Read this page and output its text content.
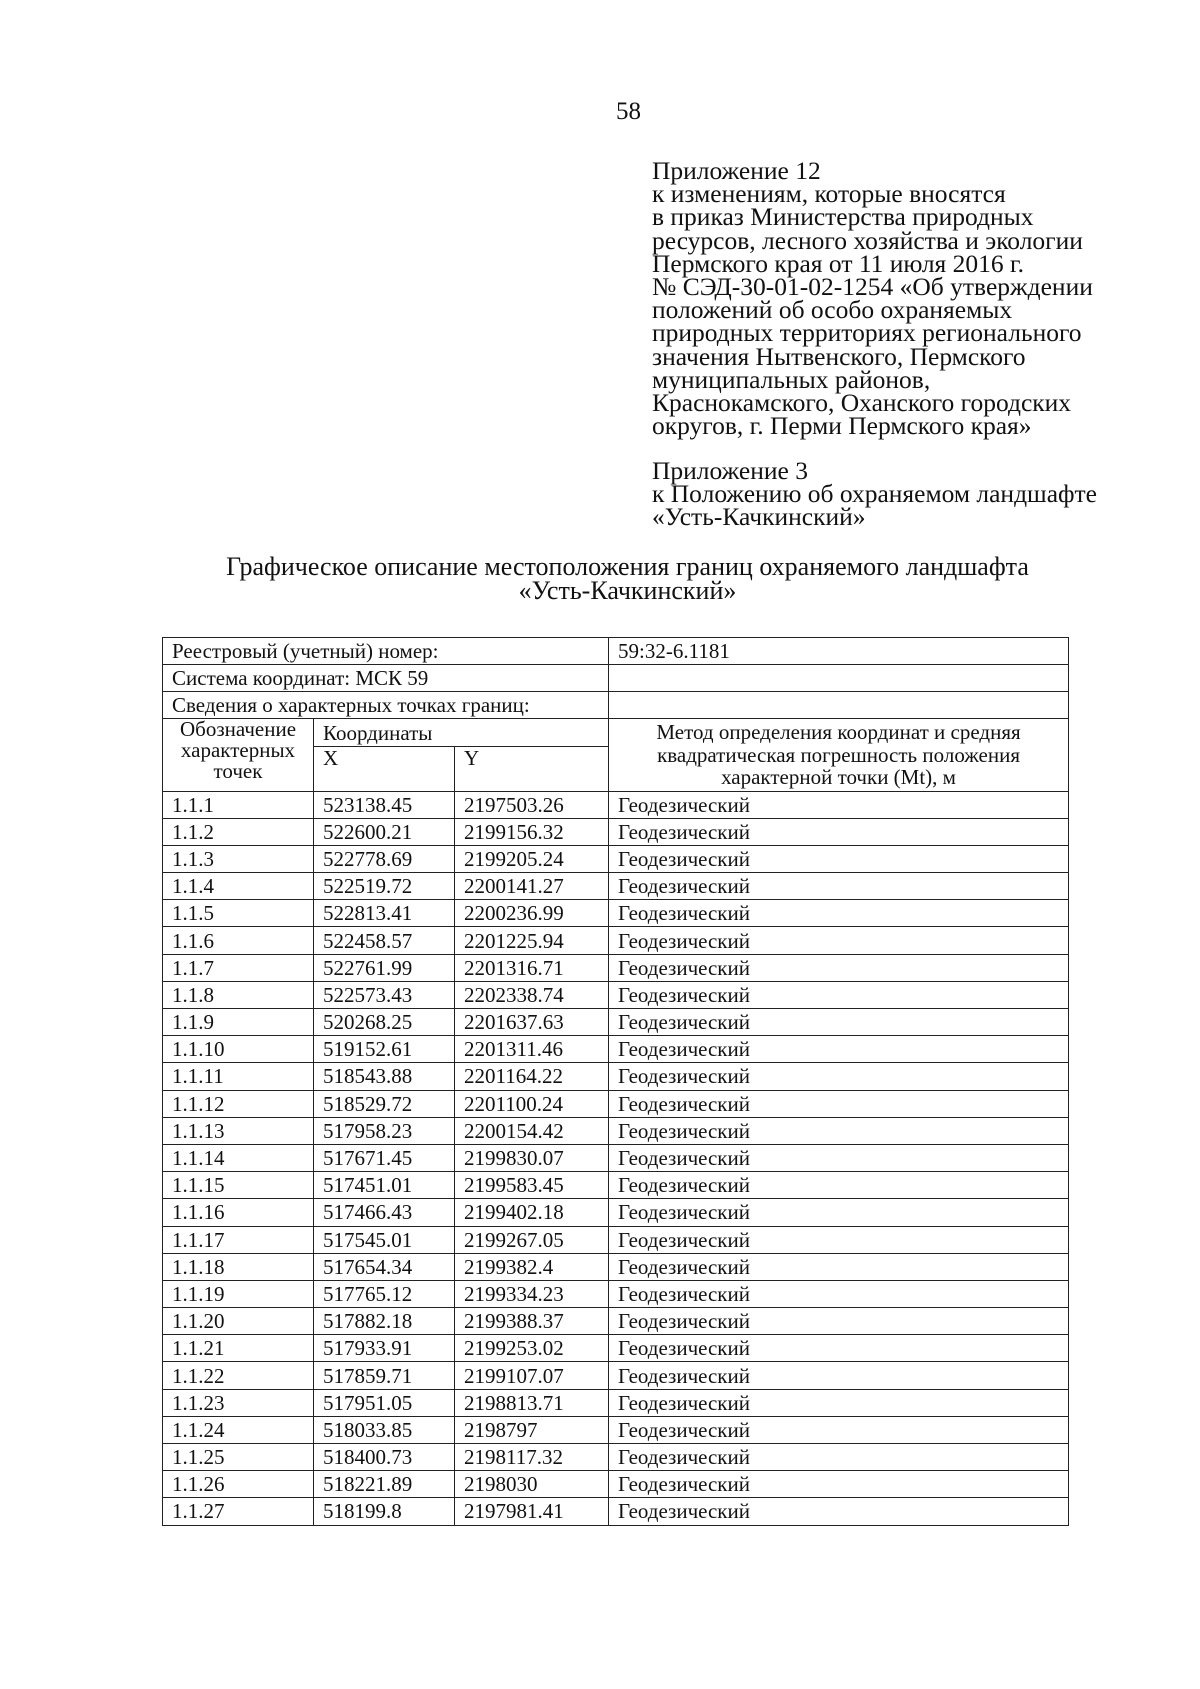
58
Приложение 12
к изменениям, которые вносятся
в приказ Министерства природных
ресурсов, лесного хозяйства и экологии
Пермского края от 11 июля 2016 г.
№ СЭД-30-01-02-1254 «Об утверждении
положений об особо охраняемых
природных территориях регионального
значения Нытвенского, Пермского
муниципальных районов,
Краснокамского, Оханского городских
округов, г. Перми Пермского края»
Приложение 3
к Положению об охраняемом ландшафте
«Усть-Качкинский»
Графическое описание местоположения границ охраняемого ландшафта
«Усть-Качкинский»
Реестровый (учетный) номер:			59:32-6.1181
Система координат: МСК 59			
Сведения о характерных точках границ:			
Обозначение характерных точек	Координаты		Метод определения координат и средняя квадратическая погрешность положения характерной точки (Mt), м
	X	Y	
1.1.1	523138.45	2197503.26	Геодезический
1.1.2	522600.21	2199156.32	Геодезический
1.1.3	522778.69	2199205.24	Геодезический
1.1.4	522519.72	2200141.27	Геодезический
1.1.5	522813.41	2200236.99	Геодезический
1.1.6	522458.57	2201225.94	Геодезический
1.1.7	522761.99	2201316.71	Геодезический
1.1.8	522573.43	2202338.74	Геодезический
1.1.9	520268.25	2201637.63	Геодезический
1.1.10	519152.61	2201311.46	Геодезический
1.1.11	518543.88	2201164.22	Геодезический
1.1.12	518529.72	2201100.24	Геодезический
1.1.13	517958.23	2200154.42	Геодезический
1.1.14	517671.45	2199830.07	Геодезический
1.1.15	517451.01	2199583.45	Геодезический
1.1.16	517466.43	2199402.18	Геодезический
1.1.17	517545.01	2199267.05	Геодезический
1.1.18	517654.34	2199382.4	Геодезический
1.1.19	517765.12	2199334.23	Геодезический
1.1.20	517882.18	2199388.37	Геодезический
1.1.21	517933.91	2199253.02	Геодезический
1.1.22	517859.71	2199107.07	Геодезический
1.1.23	517951.05	2198813.71	Геодезический
1.1.24	518033.85	2198797	Геодезический
1.1.25	518400.73	2198117.32	Геодезический
1.1.26	518221.89	2198030	Геодезический
1.1.27	518199.8	2197981.41	Геодезический
